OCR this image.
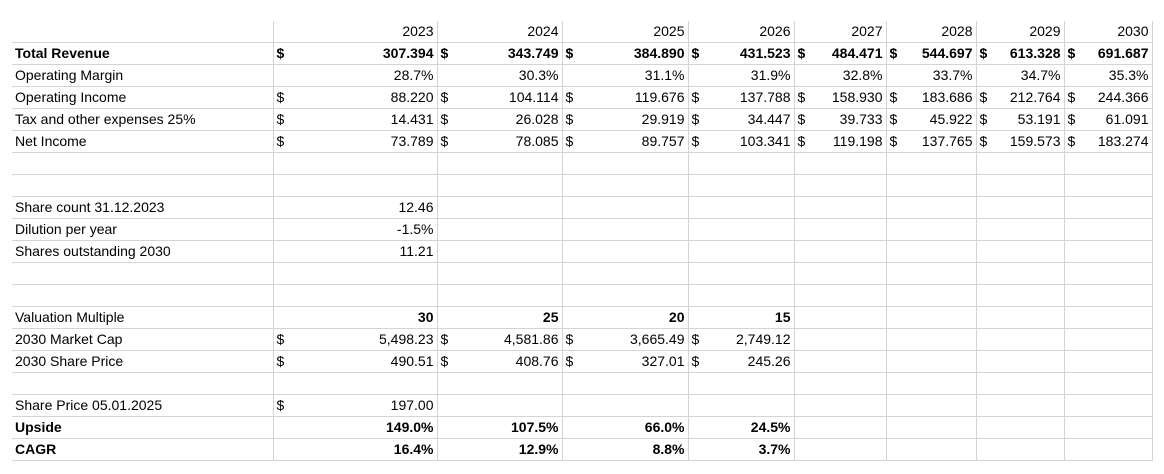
		2023		2024		2025		2026	2027	2028	2029	2030
Total Revenue	$	307.394	$	343.749	$	384.890	$	431.523	$ 484.471	$ 544.697	$ 613.328	$ 691.687

Operating Margin		28.7%		30.3%		31.1%		31.9%	32.8%	33.7%	34.7%	35.3%
Operating Income	$	88.220	$	104.114	$	119.676	$	137.788	$ 158.930	$ 183.686	$ 212.764	$ 244.366

Tax and other expenses 25%	$	14.431	$	26.028	$	29.919	$	34.447	$ 39.733	$ 45.922	$ 53.191	$ 61.091

Net Income	$	73.789	$	78.085	$	89.757	$	103.341	$ 119.198	$ 137.765	$ 159.573	$ 183.274

Share count 31.12.2023		12.46										
Dilution per year		-1.5%										
Shares outstanding 2030		11.21										

Valuation Multiple		30		25		20		15				
2030 Market Cap	$	5,498.23	$	4,581.86	$	3,665.49	$	2,749.12				
2030 Share Price	$	490.51	$	408.76	$	327.01	$	245.26				

Share Price 05.01.2025	$	197.00										
Upside		149.0%		107.5%		66.0%		24.5%				
CAGR		16.4%		12.9%		8.8%		3.7%				
